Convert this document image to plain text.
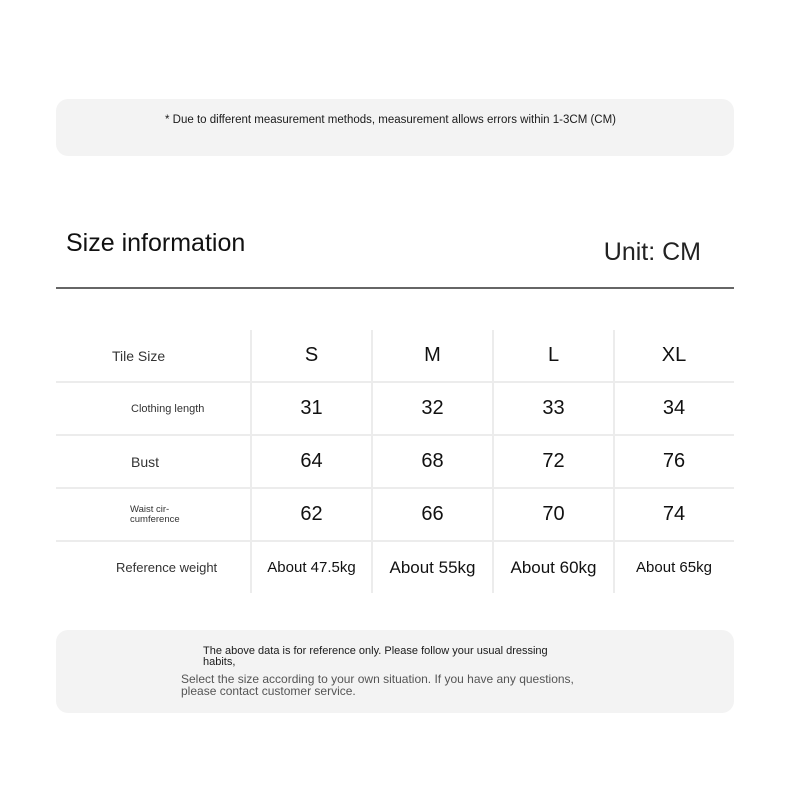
* Due to different measurement methods, measurement allows errors within 1-3CM (CM)
Size information	Unit: CM
Tile Size	S	M	L	XL
Clothing length	31	32	33	34
Bust	64	68	72	76
Waist cir-cumference	62	66	70	74
Reference weight	About 47.5kg	About 55kg	About 60kg	About 65kg
The above data is for reference only. Please follow your usual dressing habits,
Select the size according to your own situation. If you have any questions, please contact customer service.
